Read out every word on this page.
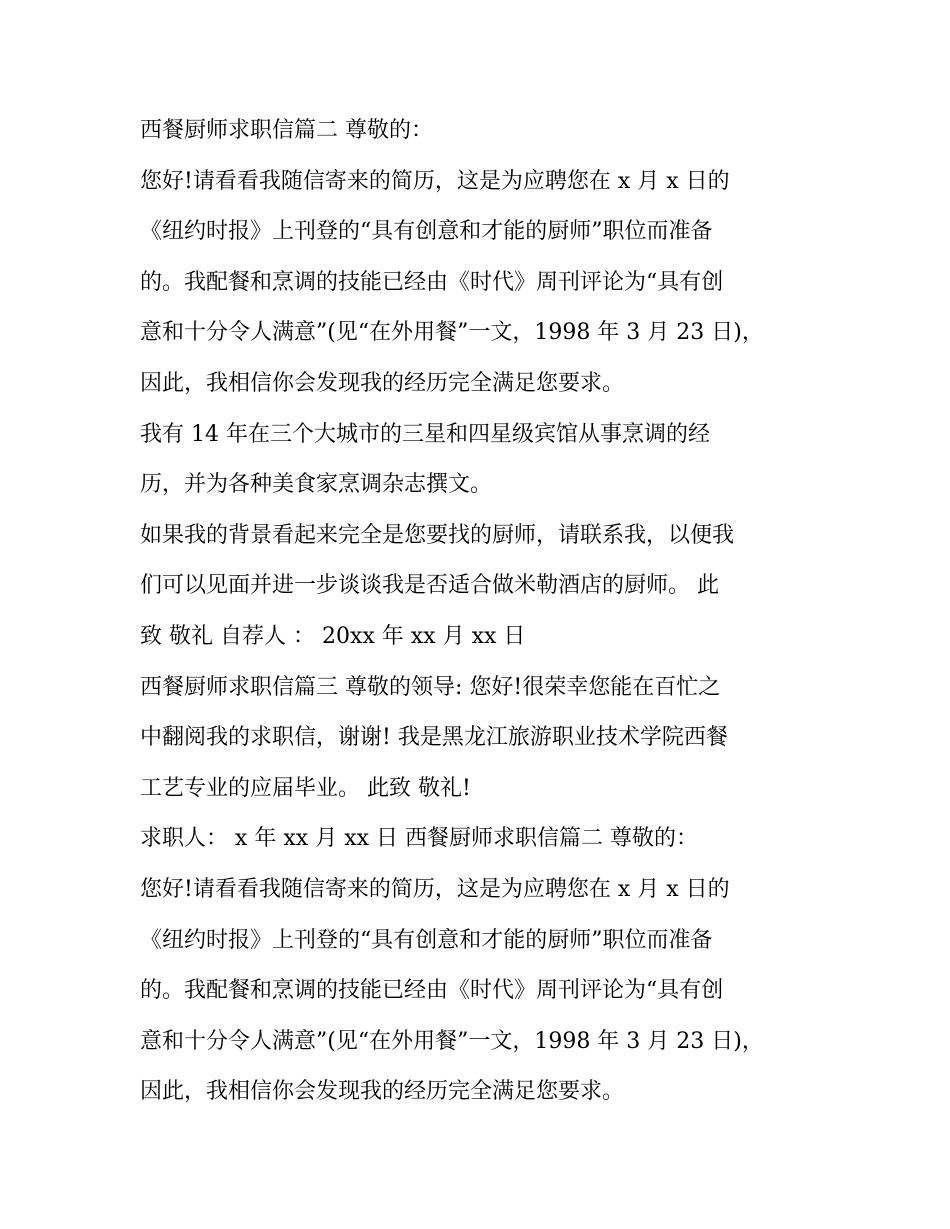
西餐厨师求职信篇二 尊敬的：
您好!请看看我随信寄来的简历，这是为应聘您在 x 月 x 日的
《纽约时报》上刊登的“具有创意和才能的厨师”职位而准备
的。我配餐和烹调的技能已经由《时代》周刊评论为“具有创
意和十分令人满意”(见“在外用餐”一文，1998 年 3 月 23 日)，
因此，我相信你会发现我的经历完全满足您要求。
我有 14 年在三个大城市的三星和四星级宾馆从事烹调的经
历，并为各种美食家烹调杂志撰文。
如果我的背景看起来完全是您要找的厨师，请联系我，以便我
们可以见面并进一步谈谈我是否适合做米勒酒店的厨师。 此
致 敬礼 自荐人 ： 20xx 年 xx 月 xx 日
西餐厨师求职信篇三 尊敬的领导: 您好!很荣幸您能在百忙之
中翻阅我的求职信，谢谢! 我是黑龙江旅游职业技术学院西餐
工艺专业的应届毕业。 此致 敬礼!
求职人： x 年 xx 月 xx 日 西餐厨师求职信篇二 尊敬的：
您好!请看看我随信寄来的简历，这是为应聘您在 x 月 x 日的
《纽约时报》上刊登的“具有创意和才能的厨师”职位而准备
的。我配餐和烹调的技能已经由《时代》周刊评论为“具有创
意和十分令人满意”(见“在外用餐”一文，1998 年 3 月 23 日)，
因此，我相信你会发现我的经历完全满足您要求。
